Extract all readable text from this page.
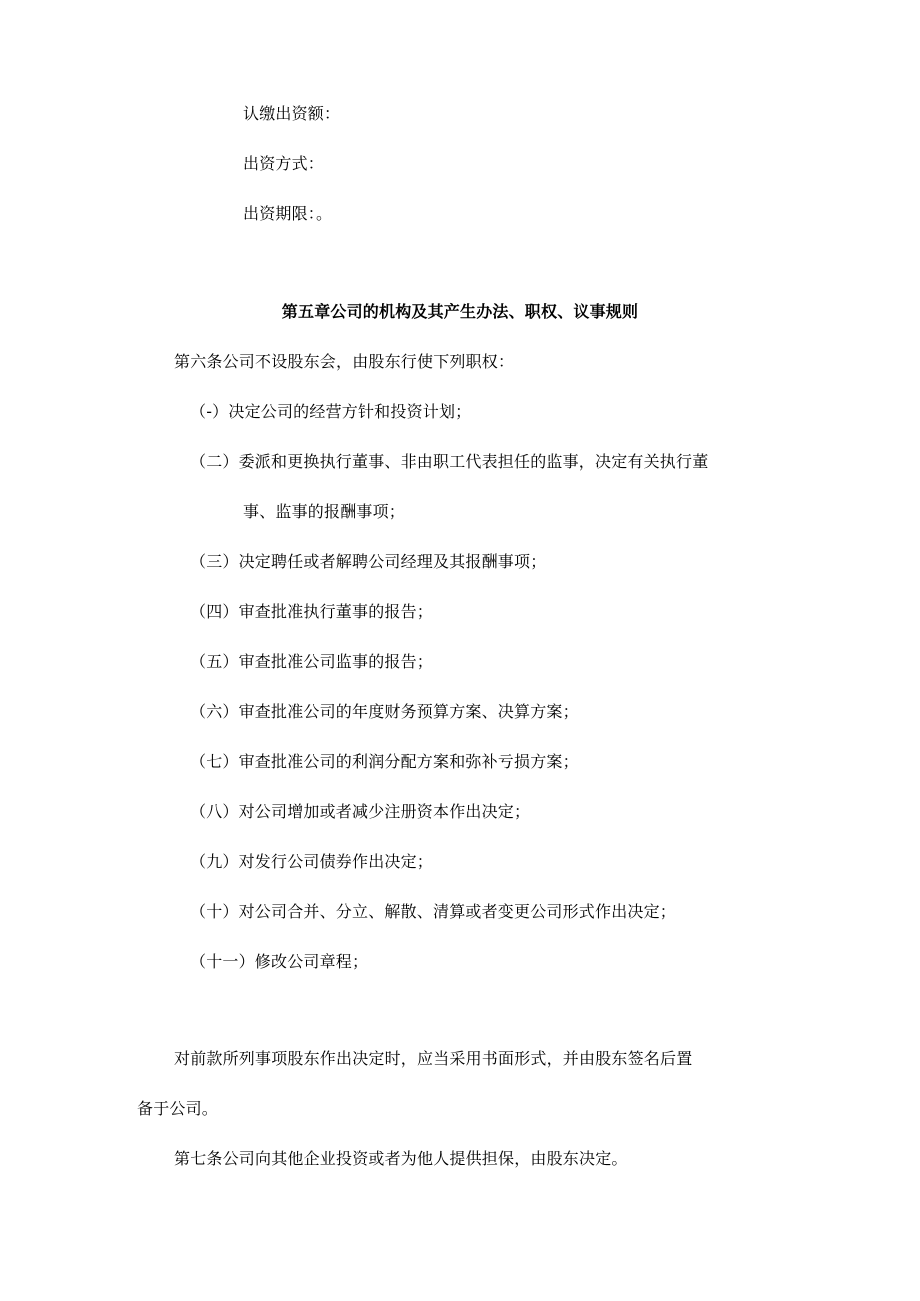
认缴出资额：
出资方式：
出资期限：。
第五章公司的机构及其产生办法、职权、议事规则
第六条公司不设股东会，由股东行使下列职权：
（-）决定公司的经营方针和投资计划；
（二）委派和更换执行董事、非由职工代表担任的监事，决定有关执行董
事、监事的报酬事项；
（三）决定聘任或者解聘公司经理及其报酬事项；
（四）审查批准执行董事的报告；
（五）审查批准公司监事的报告；
（六）审查批准公司的年度财务预算方案、决算方案；
（七）审查批准公司的利润分配方案和弥补亏损方案；
（八）对公司增加或者减少注册资本作出决定；
（九）对发行公司债券作出决定；
（十）对公司合并、分立、解散、清算或者变更公司形式作出决定；
（十一）修改公司章程；
对前款所列事项股东作出决定时，应当采用书面形式，并由股东签名后置
备于公司。
第七条公司向其他企业投资或者为他人提供担保，由股东决定。
